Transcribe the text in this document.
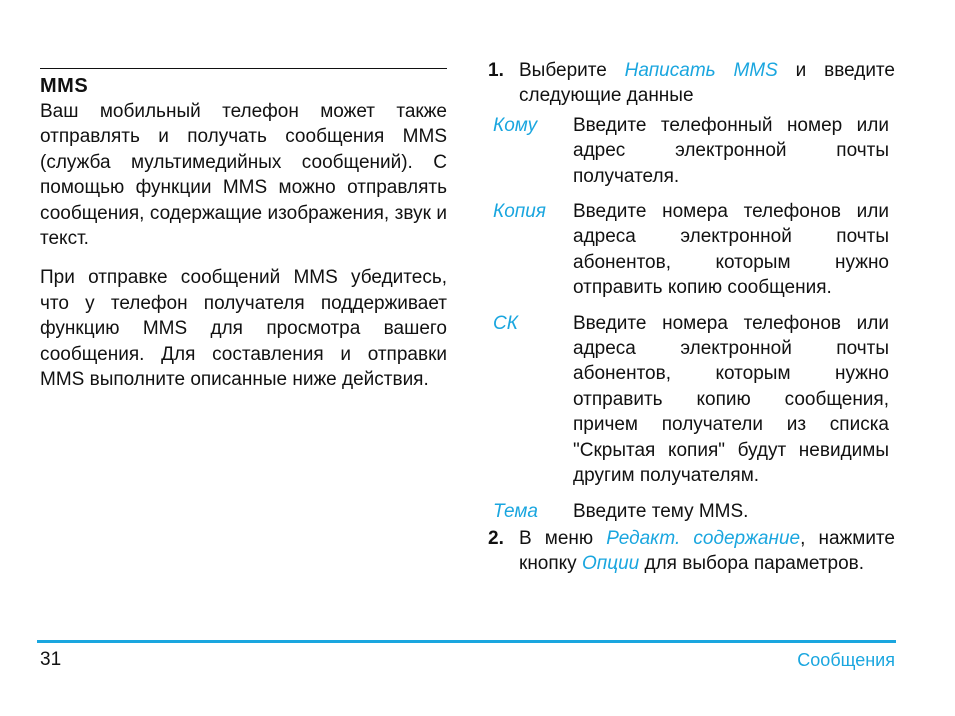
MMS

Ваш мобильный телефон может также отправлять и получать сообщения MMS (служба мультимедийных сообщений). С помощью функции MMS можно отправлять сообщения, содержащие изображения, звук и текст.

При отправке сообщений MMS убедитесь, что у телефон получателя поддерживает функцию MMS для просмотра вашего сообщения. Для составления и отправки MMS выполните описанные ниже действия.

1. Выберите Написать MMS и введите следующие данные
Кому	Введите телефонный номер или адрес электронной почты получателя.
Копия	Введите номера телефонов или адреса электронной почты абонентов, которым нужно отправить копию сообщения.
СК	Введите номера телефонов или адреса электронной почты абонентов, которым нужно отправить копию сообщения, причем получатели из списка "Скрытая копия" будут невидимы другим получателям.
Тема	Введите тему MMS.
2. В меню Редакт. содержание, нажмите кнопку Опции для выбора параметров.
31	Сообщения
